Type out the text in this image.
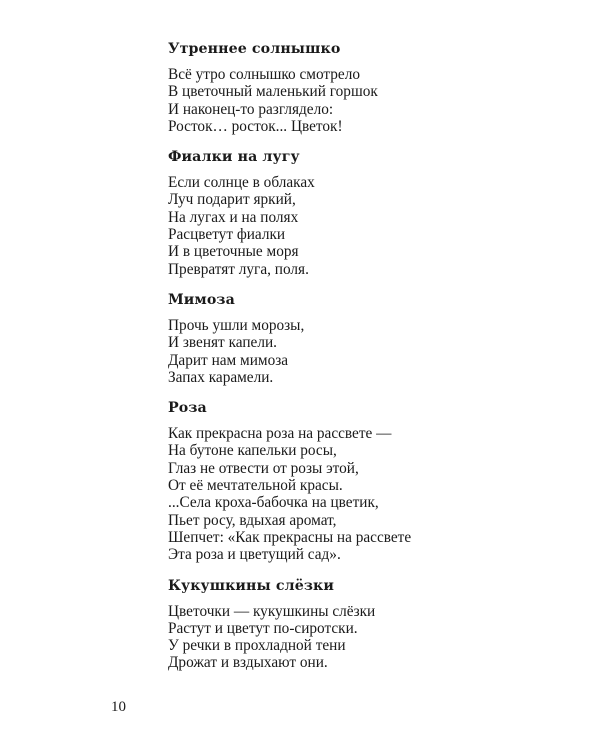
Утреннее солнышко

Всё утро солнышко смотрело

В цветочный маленький горшок

И наконец-то разглядело:

Росток… росток... Цветок!

Фиалки на лугу

Если солнце в облаках

Луч подарит яркий,

На лугах и на полях

Расцветут фиалки

И в цветочные моря

Превратят луга, поля.

Мимоза

Прочь ушли морозы,

И звенят капели.

Дарит нам мимоза

Запах карамели.

Роза

Как прекрасна роза на рассвете —

На бутоне капельки росы,

Глаз не отвести от розы этой,

От её мечтательной красы.

...Села кроха-бабочка на цветик,

Пьет росу, вдыхая аромат,

Шепчет: «Как прекрасны на рассвете

Эта роза и цветущий сад».

Кукушкины слёзки

Цветочки — кукушкины слёзки

Растут и цветут по-сиротски.

У речки в прохладной тени

Дрожат и вздыхают они.

10
